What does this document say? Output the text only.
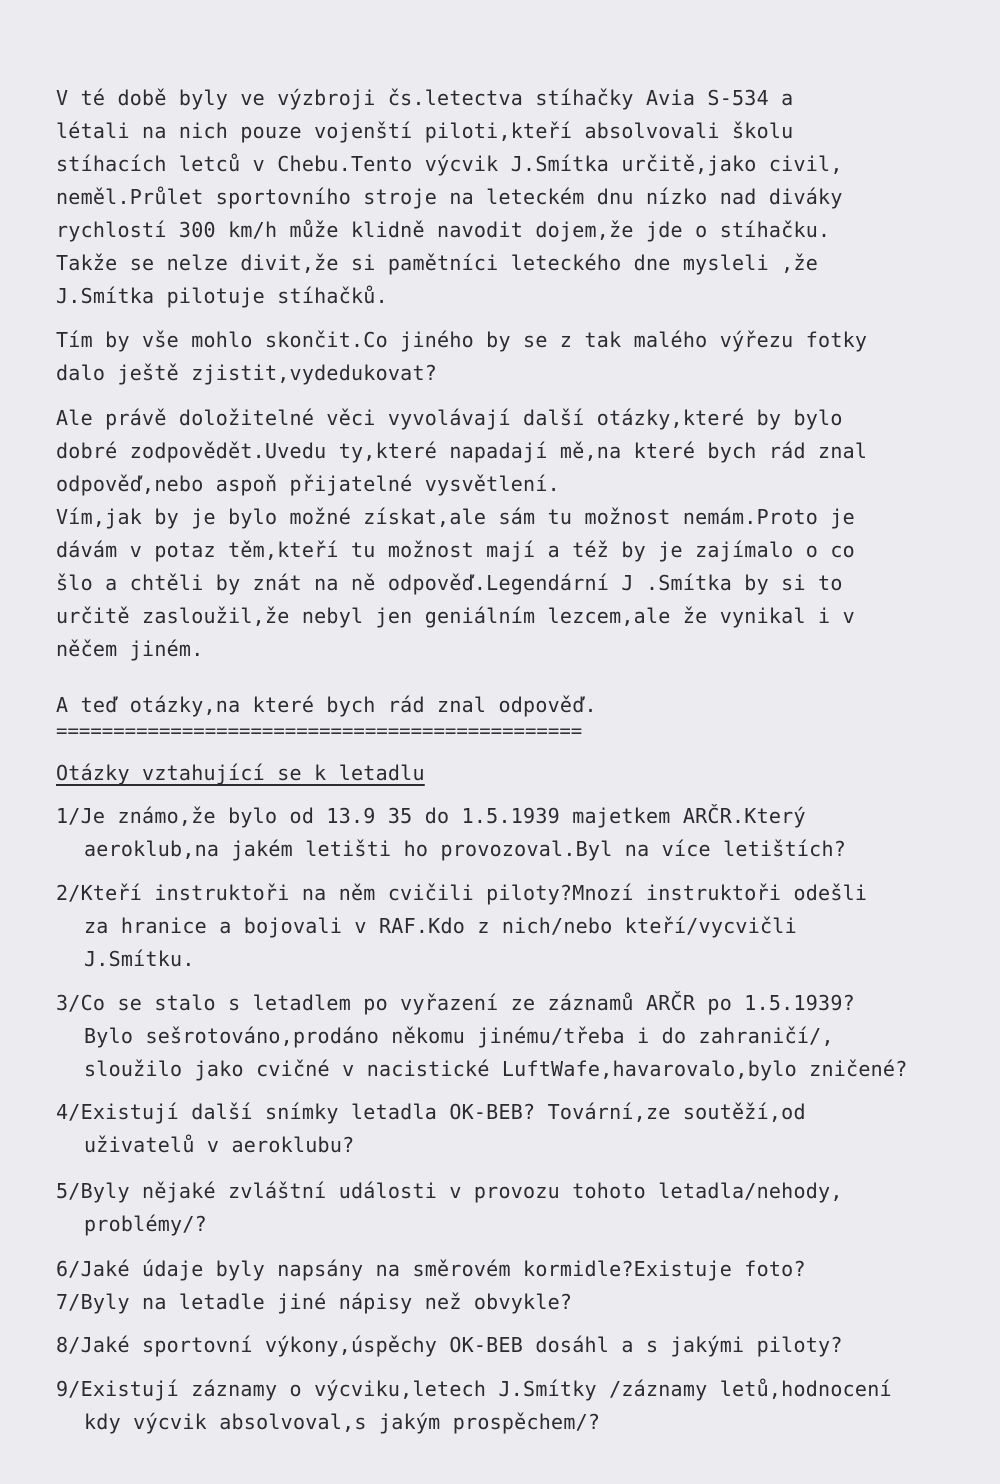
V té době byly ve výzbroji čs.letectva stíhačky Avia S-534 a
létali na nich pouze vojenští piloti,kteří absolvovali školu
stíhacích letců v Chebu.Tento výcvik J.Smítka určitě,jako civil,
neměl.Průlet sportovního stroje na leteckém dnu nízko nad diváky
rychlostí 300 km/h může klidně navodit dojem,že jde o stíhačku.
Takže se nelze divit,že si pamětníci leteckého dne mysleli ,že
J.Smítka pilotuje stíhačků.
Tím by vše mohlo skončit.Co jiného by se z tak malého výřezu fotky
dalo ještě zjistit,vydedukovat?
Ale právě doložitelné věci vyvolávají další otázky,které by bylo
dobré zodpovědět.Uvedu ty,které napadají mě,na které bych rád znal
odpověď,nebo aspoň přijatelné vysvětlení.
Vím,jak by je bylo možné získat,ale sám tu možnost nemám.Proto je
dávám v potaz těm,kteří tu možnost mají a též by je zajímalo o co
šlo a chtěli by znát na ně odpověď.Legendární J .Smítka by si to
určitě zasloužil,že nebyl jen geniálním lezcem,ale že vynikal i v
něčem jiném.
A teď otázky,na které bych rád znal odpověď.
==============================================
Otázky vztahující se k letadlu
1/Je známo,že bylo od 13.9 35 do 1.5.1939 majetkem ARČR.Který
aeroklub,na jakém letišti ho provozoval.Byl na více letištích?
2/Kteří instruktoři na něm cvičili piloty?Mnozí instruktoři odešli
za hranice a bojovali v RAF.Kdo z nich/nebo kteří/vycvičli
J.Smítku.
3/Co se stalo s letadlem po vyřazení ze záznamů ARČR po 1.5.1939?
Bylo sešrotováno,prodáno někomu jinému/třeba i do zahraničí/,
sloužilo jako cvičné v nacistické LuftWafe,havarovalo,bylo zničené?
4/Existují další snímky letadla OK-BEB? Tovární,ze soutěží,od
uživatelů v aeroklubu?
5/Byly nějaké zvláštní události v provozu tohoto letadla/nehody,
problémy/?
6/Jaké údaje byly napsány na směrovém kormidle?Existuje foto?
7/Byly na letadle jiné nápisy než obvykle?
8/Jaké sportovní výkony,úspěchy OK-BEB dosáhl a s jakými piloty?
9/Existují záznamy o výcviku,letech J.Smítky /záznamy letů,hodnocení
kdy výcvik absolvoval,s jakým prospěchem/?
